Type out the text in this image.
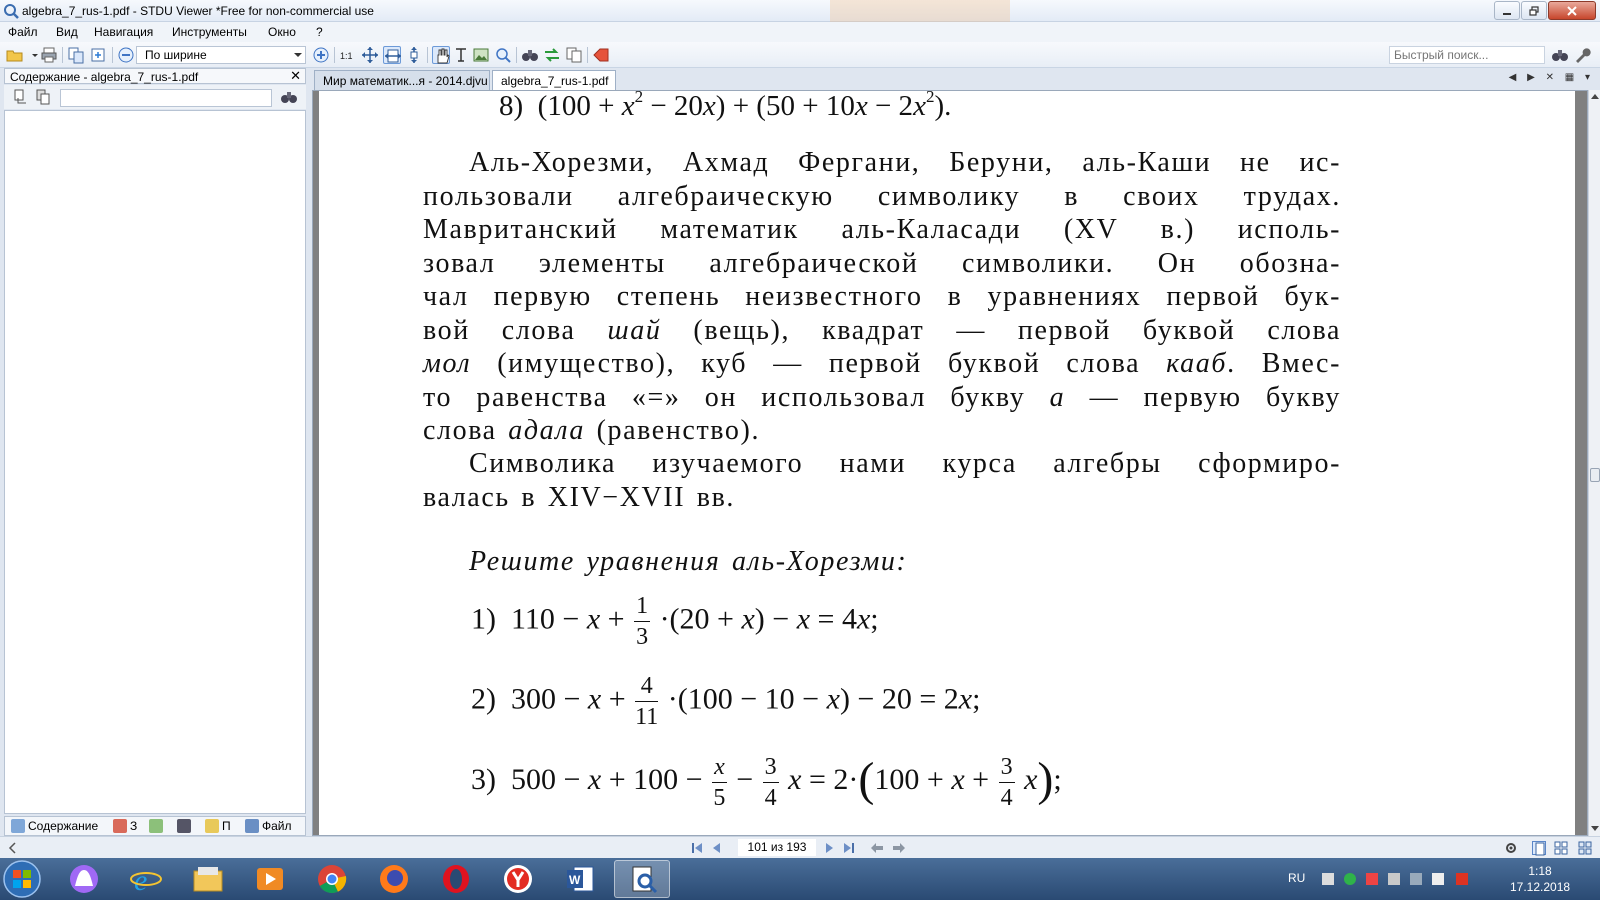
algebra_7_rus-1.pdf - STDU Viewer *Free for non-commercial use
Файл Вид Навигация Инструменты Окно ?
По ширине	1:1
Быстрый поиск...
Содержание - algebra_7_rus-1.pdf	✕
Содержание	З	П	Файл
Мир математик...я - 2014.djvu	algebra_7_rus-1.pdf	◀ ▶ ✕ ▦ ▾
8)  $(100 + x^2 - 20x) + (50 + 10x - 2x^2)$.
Аль-Хорезми, Ахмад Фергани, Беруни, аль-Каши не ис-
пользовали алгебраическую символику в своих трудах.
Мавританский математик аль-Каласади (XV в.) исполь-
зовал элементы алгебраической символики. Он обозна-
чал первую степень неизвестного в уравнениях первой бук-
вой слова шай (вещь), квадрат — первой буквой слова
мол (имущество), куб — первой буквой слова кааб. Вмес-
то равенства «=» он использовал букву а — первую букву
слова адала (равенство).
Символика изучаемого нами курса алгебры сформиро-
валась в XIV−XVII вв.
Решите уравнения аль-Хорезми:
1)  $110 - x + \frac{1}{3} \cdot(20 + x) - x = 4x$;
2)  $300 - x + \frac{4}{11} \cdot(100 - 10 - x) - 20 = 2x$;
3)  $500 - x + 100 - \frac{x}{5} - \frac{3}{4}$ $x = 2\cdot(100 + x + \frac{3}{4} x)$;
101 из 193
e	W	RU	1:18
17.12.2018
